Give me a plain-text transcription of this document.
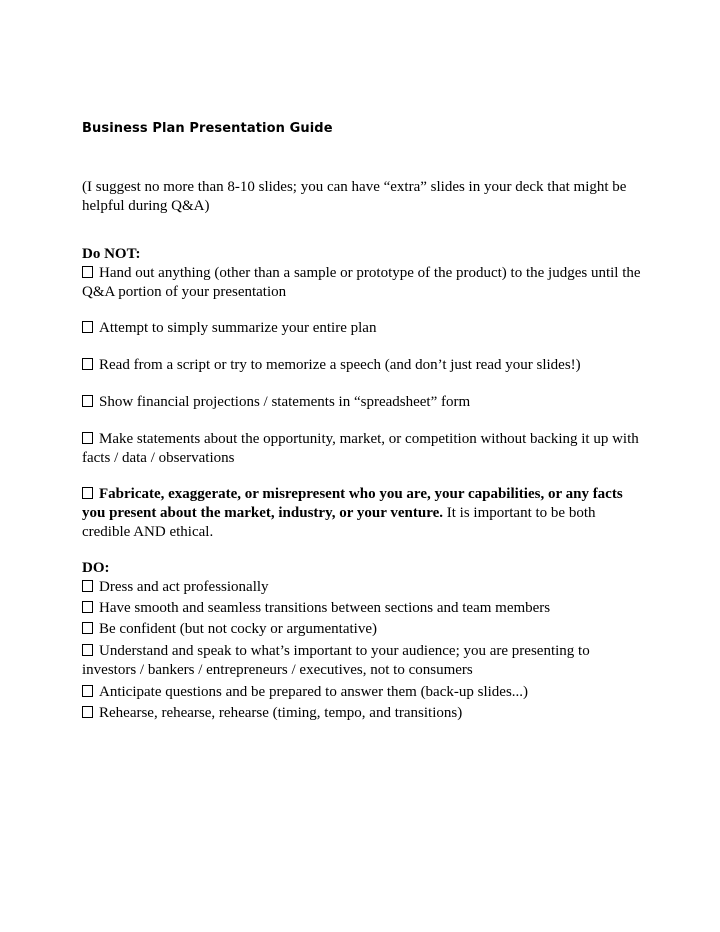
Business Plan Presentation Guide
(I suggest no more than 8-10 slides; you can have “extra” slides in your deck that might be helpful during Q&A)
Do NOT:
Hand out anything (other than a sample or prototype of the product) to the judges until the Q&A portion of your presentation
Attempt to simply summarize your entire plan
Read from a script or try to memorize a speech (and don’t just read your slides!)
Show financial projections / statements in “spreadsheet” form
Make statements about the opportunity, market, or competition without backing it up with facts / data / observations
Fabricate, exaggerate, or misrepresent who you are, your capabilities, or any facts you present about the market, industry, or your venture. It is important to be both credible AND ethical.
DO:
Dress and act professionally
Have smooth and seamless transitions between sections and team members
Be confident (but not cocky or argumentative)
Understand and speak to what’s important to your audience; you are presenting to investors / bankers / entrepreneurs / executives, not to consumers
Anticipate questions and be prepared to answer them (back-up slides...)
Rehearse, rehearse, rehearse (timing, tempo, and transitions)
